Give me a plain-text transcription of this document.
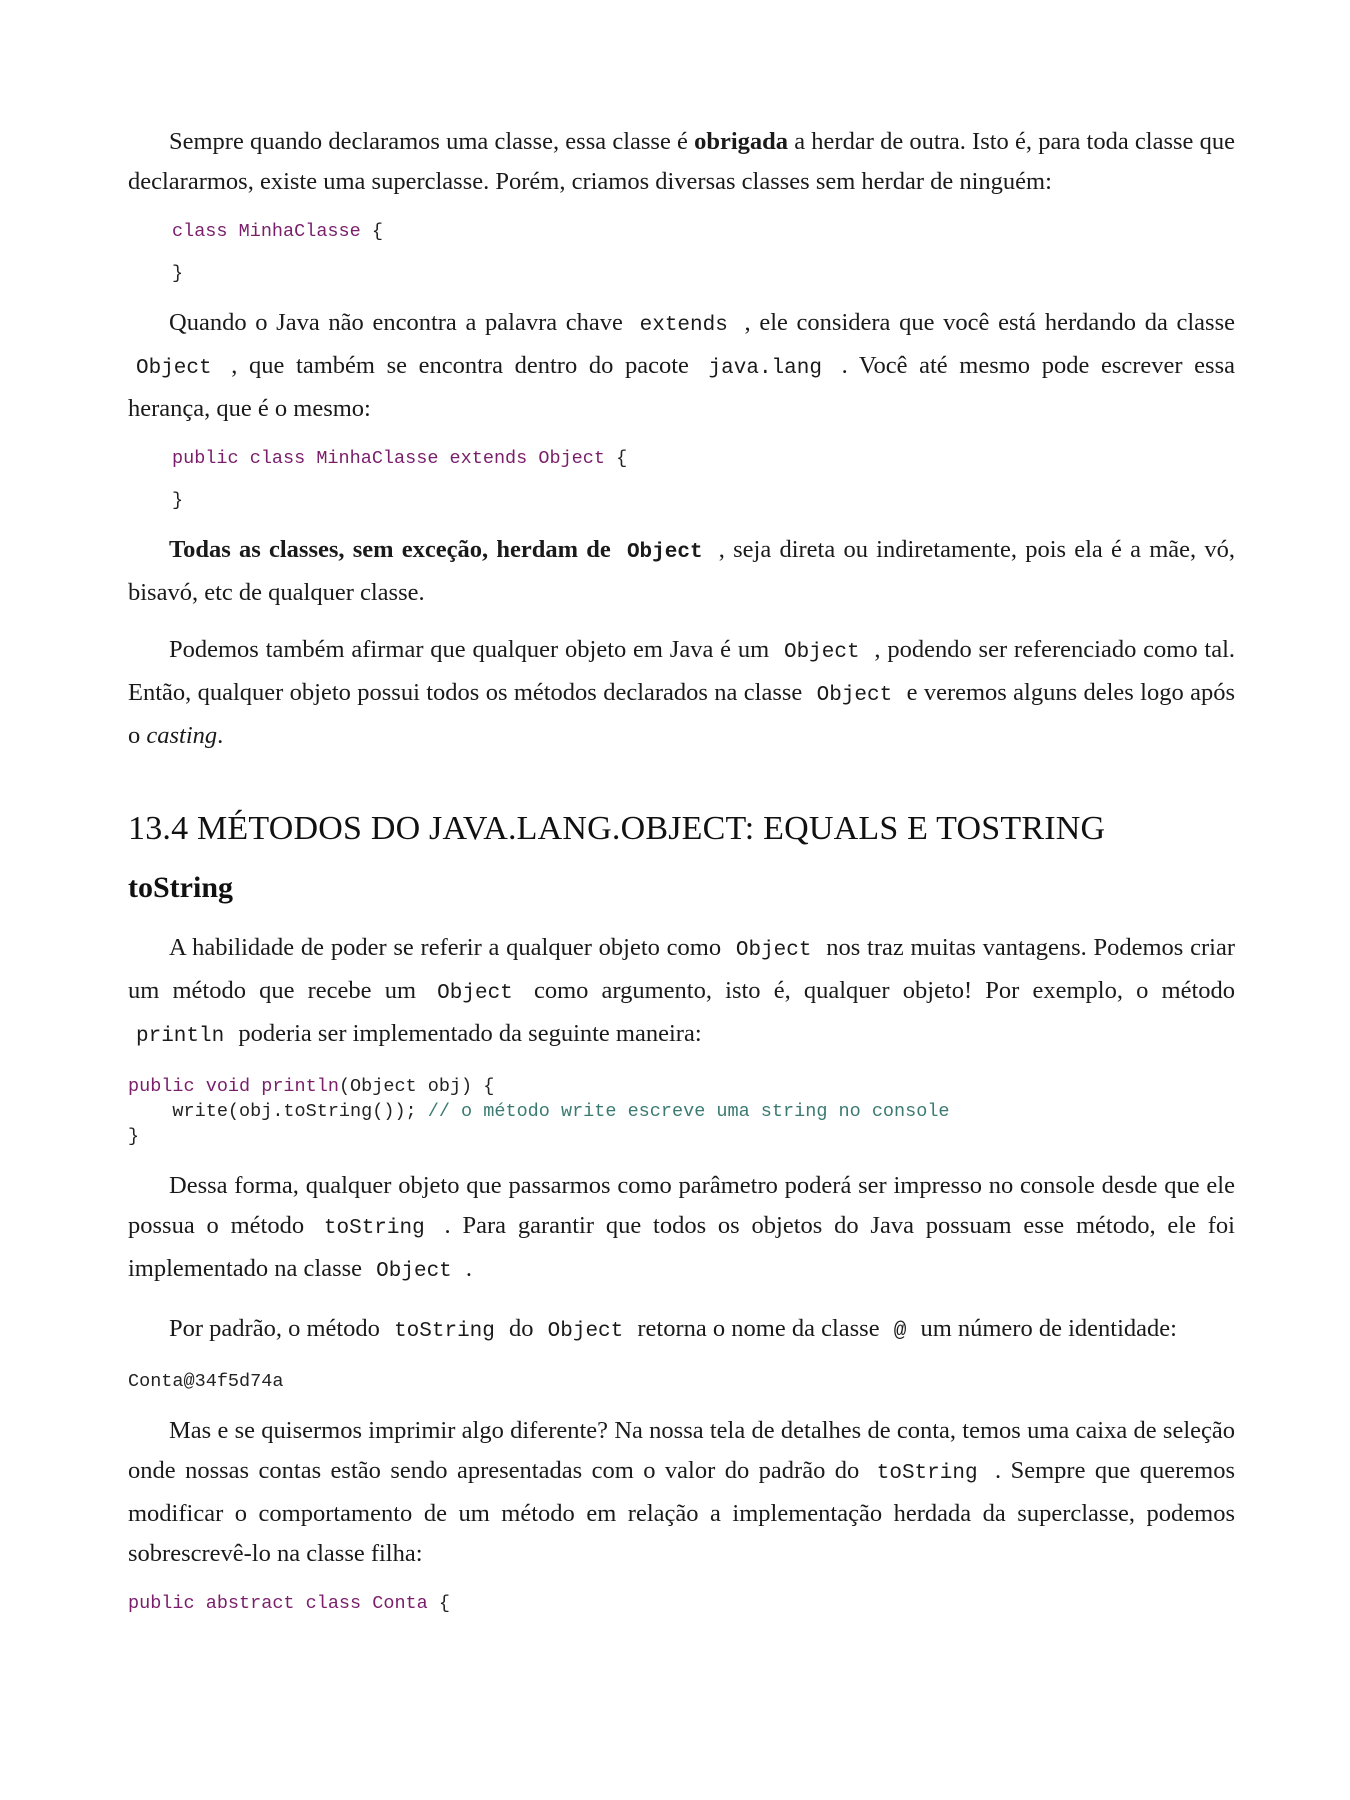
Sempre quando declaramos uma classe, essa classe é obrigada a herdar de outra. Isto é, para toda classe que declararmos, existe uma superclasse. Porém, criamos diversas classes sem herdar de ninguém:

class MinhaClasse {
}

Quando o Java não encontra a palavra chave extends , ele considera que você está herdando da classe Object , que também se encontra dentro do pacote java.lang . Você até mesmo pode escrever essa herança, que é o mesmo:

public class MinhaClasse extends Object {
}

Todas as classes, sem exceção, herdam de Object , seja direta ou indiretamente, pois ela é a mãe, vó, bisavó, etc de qualquer classe.

Podemos também afirmar que qualquer objeto em Java é um Object , podendo ser referenciado como tal. Então, qualquer objeto possui todos os métodos declarados na classe Object e veremos alguns deles logo após o casting.

13.4 MÉTODOS DO JAVA.LANG.OBJECT: EQUALS E TOSTRING
toString

A habilidade de poder se referir a qualquer objeto como Object nos traz muitas vantagens. Podemos criar um método que recebe um Object como argumento, isto é, qualquer objeto! Por exemplo, o método println poderia ser implementado da seguinte maneira:

public void println(Object obj) {
write(obj.toString()); // o método write escreve uma string no console
}

Dessa forma, qualquer objeto que passarmos como parâmetro poderá ser impresso no console desde que ele possua o método toString . Para garantir que todos os objetos do Java possuam esse método, ele foi implementado na classe Object .

Por padrão, o método toString do Object retorna o nome da classe @ um número de identidade:

Conta@34f5d74a

Mas e se quisermos imprimir algo diferente? Na nossa tela de detalhes de conta, temos uma caixa de seleção onde nossas contas estão sendo apresentadas com o valor do padrão do toString . Sempre que queremos modificar o comportamento de um método em relação a implementação herdada da superclasse, podemos sobrescrevê-lo na classe filha:

public abstract class Conta {
